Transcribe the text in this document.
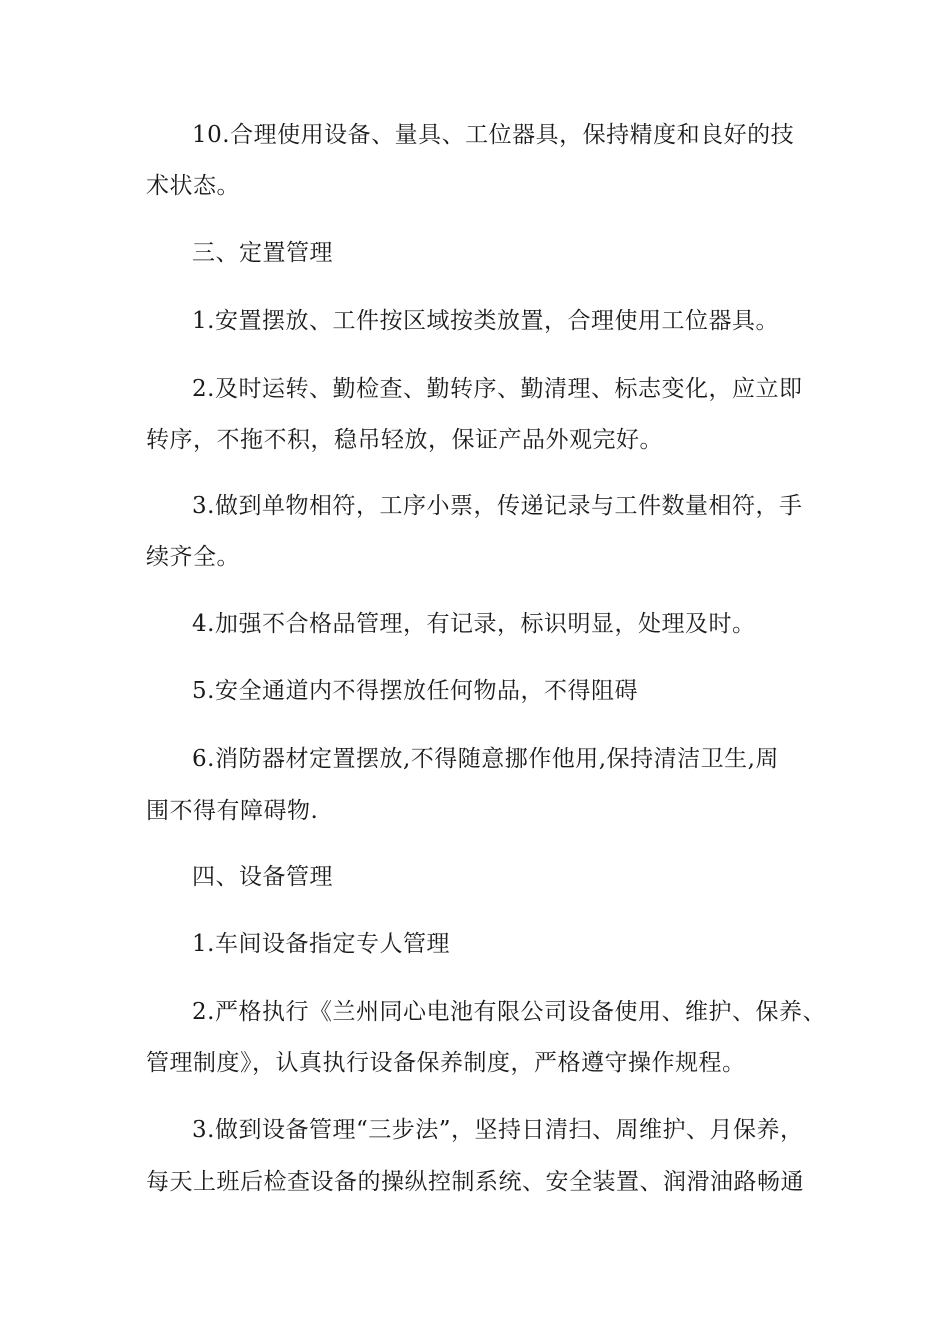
10.合理使用设备、量具、工位器具，保持精度和良好的技
术状态。
三、定置管理
1.安置摆放、工件按区域按类放置，合理使用工位器具。
2.及时运转、勤检查、勤转序、勤清理、标志变化，应立即
转序，不拖不积，稳吊轻放，保证产品外观完好。
3.做到单物相符，工序小票，传递记录与工件数量相符，手
续齐全。
4.加强不合格品管理，有记录，标识明显，处理及时。
5.安全通道内不得摆放任何物品，不得阻碍
6.消防器材定置摆放,不得随意挪作他用,保持清洁卫生,周
围不得有障碍物.
四、设备管理
1.车间设备指定专人管理
2.严格执行《兰州同心电池有限公司设备使用、维护、保养、
管理制度》，认真执行设备保养制度，严格遵守操作规程。
3.做到设备管理“三步法”，坚持日清扫、周维护、月保养，
每天上班后检查设备的操纵控制系统、安全装置、润滑油路畅通
